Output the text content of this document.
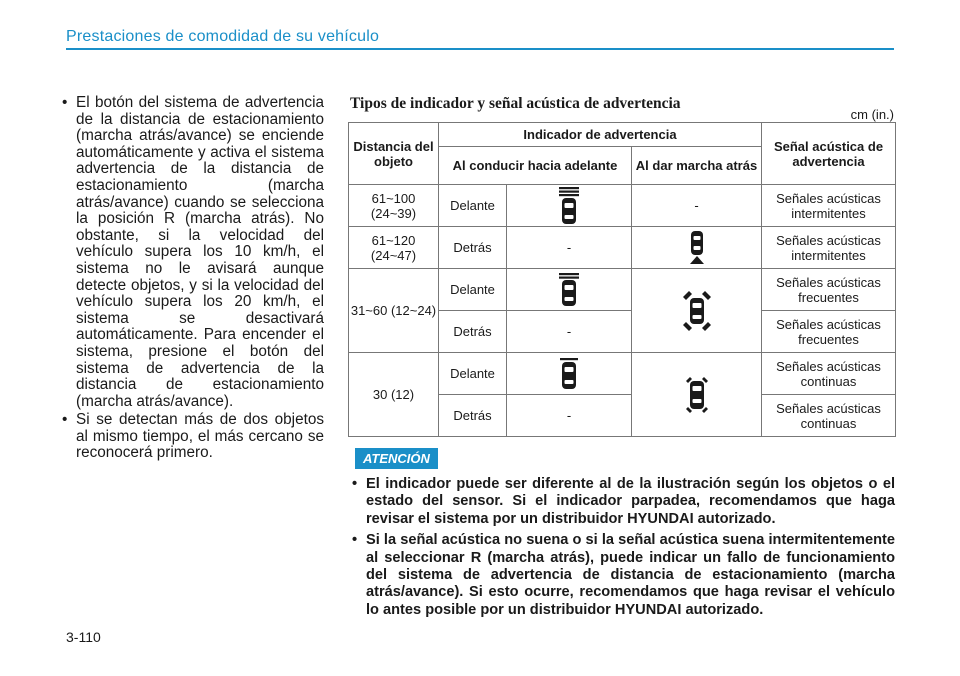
Prestaciones de comodidad de su vehículo
• El botón del sistema de advertencia de la distancia de estacionamiento (marcha atrás/avance) se enciende automáticamente y activa el sistema advertencia de la distancia de estacionamiento (marcha atrás/avance) cuando se selecciona la posición R (marcha atrás). No obstante, si la velocidad del vehículo supera los 10 km/h, el sistema no le avisará aunque detecte objetos, y si la velocidad del vehículo supera los 20 km/h, el sistema se desactivará automáticamente. Para encender el sistema, presione el botón del sistema de advertencia de la distancia de estacionamiento (marcha atrás/avance).
• Si se detectan más de dos objetos al mismo tiempo, el más cercano se reconocerá primero.
Tipos de indicador y señal acústica de advertencia
cm (in.)
Distancia del objeto	Indicador de advertencia			Señal acústica de advertencia
	Al conducir hacia adelante		Al dar marcha atrás	
61~100 (24~39)	Delante		-	Señales acústicas intermitentes
61~120 (24~47)	Detrás	-		Señales acústicas intermitentes
31~60 (12~24)	Delante			Señales acústicas frecuentes
	Detrás	-		Señales acústicas frecuentes
30 (12)	Delante			Señales acústicas continuas
	Detrás	-		Señales acústicas continuas
ATENCIÓN
• El indicador puede ser diferente al de la ilustración según los objetos o el estado del sensor. Si el indicador parpadea, recomendamos que haga revisar el sistema por un distribuidor HYUNDAI autorizado.
• Si la señal acústica no suena o si la señal acústica suena intermitentemente al seleccionar R (marcha atrás), puede indicar un fallo de funcionamiento del sistema de advertencia de distancia de estacionamiento (marcha atrás/avance). Si esto ocurre, recomendamos que haga revisar el vehículo lo antes posible por un distribuidor HYUNDAI autorizado.
3-110
